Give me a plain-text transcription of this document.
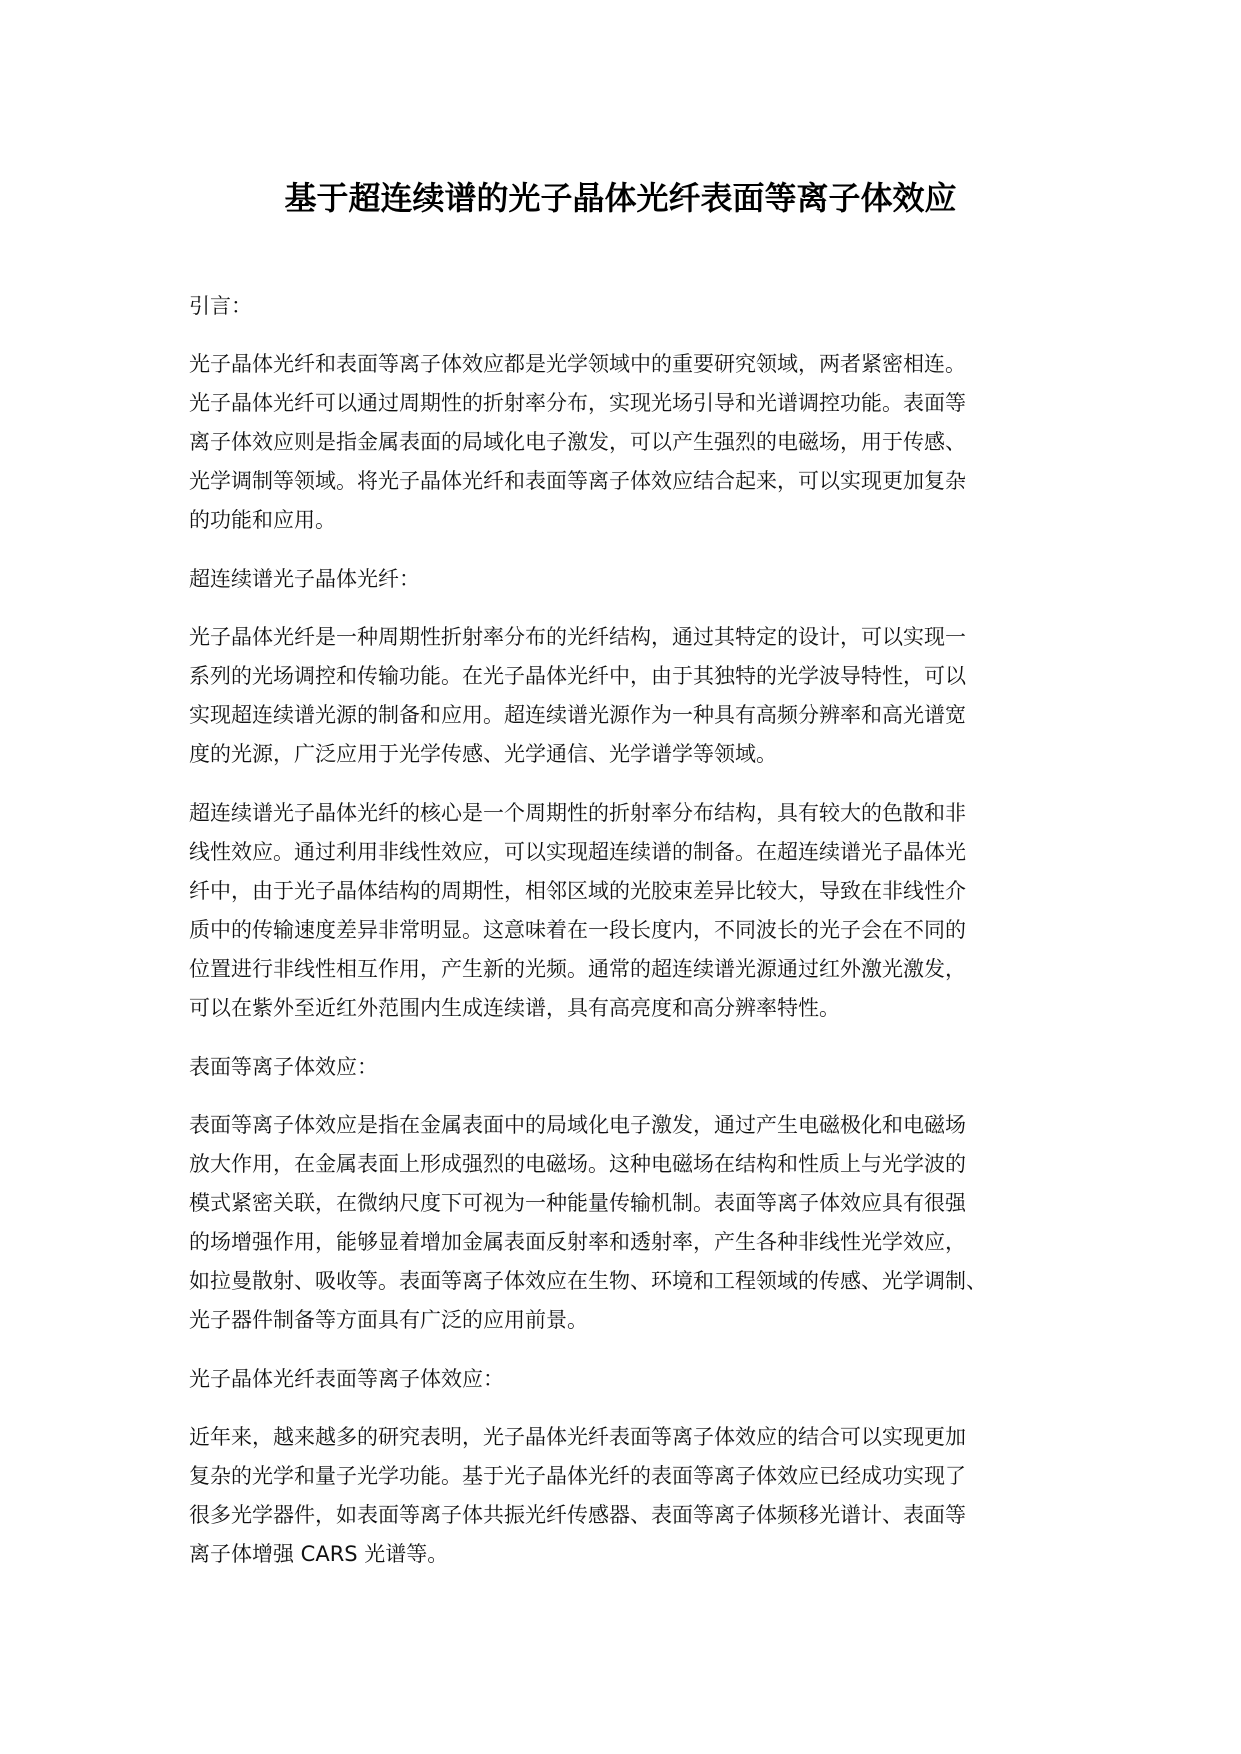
基于超连续谱的光子晶体光纤表面等离子体效应

引言：

光子晶体光纤和表面等离子体效应都是光学领域中的重要研究领域，两者紧密相连。
光子晶体光纤可以通过周期性的折射率分布，实现光场引导和光谱调控功能。表面等
离子体效应则是指金属表面的局域化电子激发，可以产生强烈的电磁场，用于传感、
光学调制等领域。将光子晶体光纤和表面等离子体效应结合起来，可以实现更加复杂
的功能和应用。

超连续谱光子晶体光纤：

光子晶体光纤是一种周期性折射率分布的光纤结构，通过其特定的设计，可以实现一
系列的光场调控和传输功能。在光子晶体光纤中，由于其独特的光学波导特性，可以
实现超连续谱光源的制备和应用。超连续谱光源作为一种具有高频分辨率和高光谱宽
度的光源，广泛应用于光学传感、光学通信、光学谱学等领域。

超连续谱光子晶体光纤的核心是一个周期性的折射率分布结构，具有较大的色散和非
线性效应。通过利用非线性效应，可以实现超连续谱的制备。在超连续谱光子晶体光
纤中，由于光子晶体结构的周期性，相邻区域的光胶束差异比较大，导致在非线性介
质中的传输速度差异非常明显。这意味着在一段长度内，不同波长的光子会在不同的
位置进行非线性相互作用，产生新的光频。通常的超连续谱光源通过红外激光激发，
可以在紫外至近红外范围内生成连续谱，具有高亮度和高分辨率特性。

表面等离子体效应：

表面等离子体效应是指在金属表面中的局域化电子激发，通过产生电磁极化和电磁场
放大作用，在金属表面上形成强烈的电磁场。这种电磁场在结构和性质上与光学波的
模式紧密关联，在微纳尺度下可视为一种能量传输机制。表面等离子体效应具有很强
的场增强作用，能够显着增加金属表面反射率和透射率，产生各种非线性光学效应，
如拉曼散射、吸收等。表面等离子体效应在生物、环境和工程领域的传感、光学调制、
光子器件制备等方面具有广泛的应用前景。

光子晶体光纤表面等离子体效应：

近年来，越来越多的研究表明，光子晶体光纤表面等离子体效应的结合可以实现更加
复杂的光学和量子光学功能。基于光子晶体光纤的表面等离子体效应已经成功实现了
很多光学器件，如表面等离子体共振光纤传感器、表面等离子体频移光谱计、表面等
离子体增强 CARS 光谱等。
